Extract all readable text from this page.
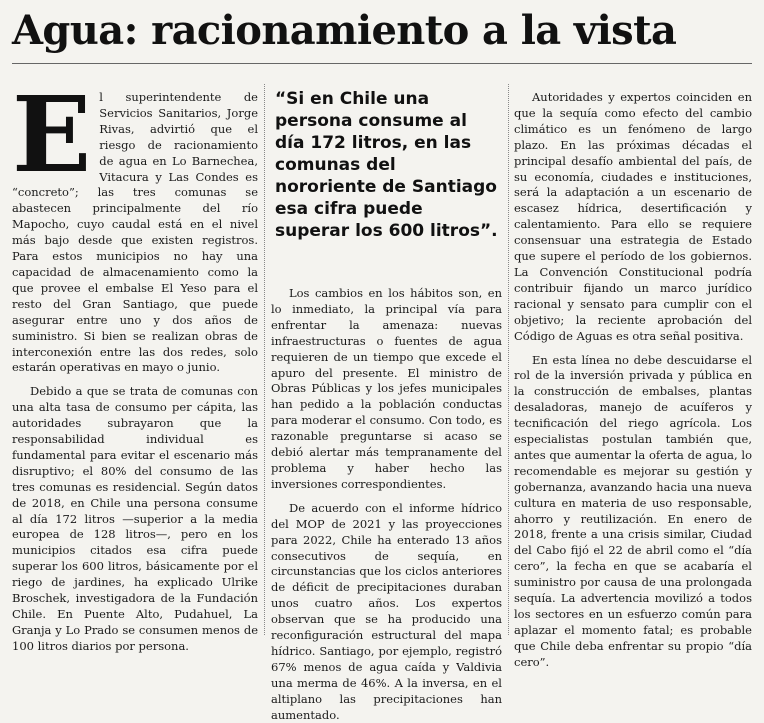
Agua: racionamiento a la vista

El superintendente de Servicios Sanitarios, Jorge Rivas, advirtió que el riesgo de racionamiento de agua en Lo Barnechea, Vitacura y Las Condes es “concreto”; las tres comunas se abastecen principalmente del río Mapocho, cuyo caudal está en el nivel más bajo desde que existen registros. Para estos municipios no hay una capacidad de almacenamiento como la que provee el embalse El Yeso para el resto del Gran Santiago, que puede asegurar entre uno y dos años de suministro. Si bien se realizan obras de interconexión entre las dos redes, solo estarán operativas en mayo o junio.

Debido a que se trata de comunas con una alta tasa de consumo per cápita, las autoridades subrayaron que la responsabilidad individual es fundamental para evitar el escenario más disruptivo; el 80% del consumo de las tres comunas es residencial. Según datos de 2018, en Chile una persona consume al día 172 litros —superior a la media europea de 128 litros—, pero en los municipios citados esa cifra puede superar los 600 litros, básicamente por el riego de jardines, ha explicado Ulrike Broschek, investigadora de la Fundación Chile. En Puente Alto, Pudahuel, La Granja y Lo Prado se consumen menos de 100 litros diarios por persona.

“Si en Chile una persona consume al día 172 litros, en las comunas del nororiente de Santiago esa cifra puede superar los 600 litros”.

Los cambios en los hábitos son, en lo inmediato, la principal vía para enfrentar la amenaza: nuevas infraestructuras o fuentes de agua requieren de un tiempo que excede el apuro del presente. El ministro de Obras Públicas y los jefes municipales han pedido a la población conductas para moderar el consumo. Con todo, es razonable preguntarse si acaso se debió alertar más tempranamente del problema y haber hecho las inversiones correspondientes.

De acuerdo con el informe hídrico del MOP de 2021 y las proyecciones para 2022, Chile ha enterado 13 años consecutivos de sequía, en circunstancias que los ciclos anteriores de déficit de precipitaciones duraban unos cuatro años. Los expertos observan que se ha producido una reconfiguración estructural del mapa hídrico. Santiago, por ejemplo, registró 67% menos de agua caída y Valdivia una merma de 46%. A la inversa, en el altiplano las precipitaciones han aumentado.

Autoridades y expertos coinciden en que la sequía como efecto del cambio climático es un fenómeno de largo plazo. En las próximas décadas el principal desafío ambiental del país, de su economía, ciudades e instituciones, será la adaptación a un escenario de escasez hídrica, desertificación y calentamiento. Para ello se requiere consensuar una estrategia de Estado que supere el período de los gobiernos. La Convención Constitucional podría contribuir fijando un marco jurídico racional y sensato para cumplir con el objetivo; la reciente aprobación del Código de Aguas es otra señal positiva.

En esta línea no debe descuidarse el rol de la inversión privada y pública en la construcción de embalses, plantas desaladoras, manejo de acuíferos y tecnificación del riego agrícola. Los especialistas postulan también que, antes que aumentar la oferta de agua, lo recomendable es mejorar su gestión y gobernanza, avanzando hacia una nueva cultura en materia de uso responsable, ahorro y reutilización. En enero de 2018, frente a una crisis similar, Ciudad del Cabo fijó el 22 de abril como el “día cero”, la fecha en que se acabaría el suministro por causa de una prolongada sequía. La advertencia movilizó a todos los sectores en un esfuerzo común para aplazar el momento fatal; es probable que Chile deba enfrentar su propio “día cero”.
